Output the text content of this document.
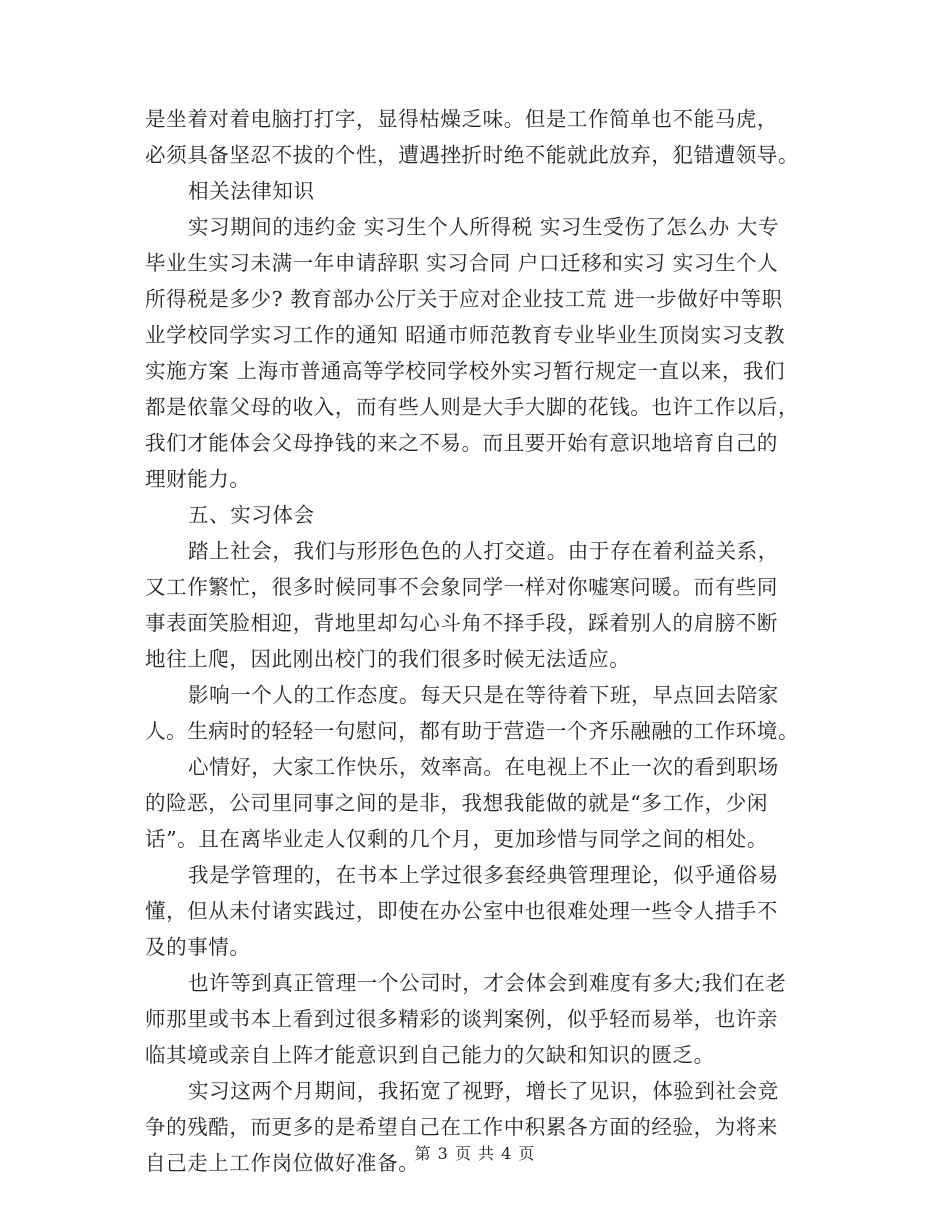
是坐着对着电脑打打字，显得枯燥乏味。但是工作简单也不能马虎，
必须具备坚忍不拔的个性，遭遇挫折时绝不能就此放弃，犯错遭领导。
相关法律知识
实习期间的违约金 实习生个人所得税 实习生受伤了怎么办 大专
毕业生实习未满一年申请辞职 实习合同 户口迁移和实习 实习生个人
所得税是多少? 教育部办公厅关于应对企业技工荒 进一步做好中等职
业学校同学实习工作的通知 昭通市师范教育专业毕业生顶岗实习支教
实施方案 上海市普通高等学校同学校外实习暂行规定一直以来，我们
都是依靠父母的收入，而有些人则是大手大脚的花钱。也许工作以后，
我们才能体会父母挣钱的来之不易。而且要开始有意识地培育自己的
理财能力。
五、实习体会
踏上社会，我们与形形色色的人打交道。由于存在着利益关系，
又工作繁忙，很多时候同事不会象同学一样对你嘘寒问暖。而有些同
事表面笑脸相迎，背地里却勾心斗角不择手段，踩着别人的肩膀不断
地往上爬，因此刚出校门的我们很多时候无法适应。
影响一个人的工作态度。每天只是在等待着下班，早点回去陪家
人。生病时的轻轻一句慰问，都有助于营造一个齐乐融融的工作环境。
心情好，大家工作快乐，效率高。在电视上不止一次的看到职场
的险恶，公司里同事之间的是非，我想我能做的就是“多工作，少闲
话”。且在离毕业走人仅剩的几个月，更加珍惜与同学之间的相处。
我是学管理的，在书本上学过很多套经典管理理论，似乎通俗易
懂，但从未付诸实践过，即使在办公室中也很难处理一些令人措手不
及的事情。
也许等到真正管理一个公司时，才会体会到难度有多大;我们在老
师那里或书本上看到过很多精彩的谈判案例，似乎轻而易举，也许亲
临其境或亲自上阵才能意识到自己能力的欠缺和知识的匮乏。
实习这两个月期间，我拓宽了视野，增长了见识，体验到社会竞
争的残酷，而更多的是希望自己在工作中积累各方面的经验，为将来
自己走上工作岗位做好准备。
第 3 页 共 4 页
